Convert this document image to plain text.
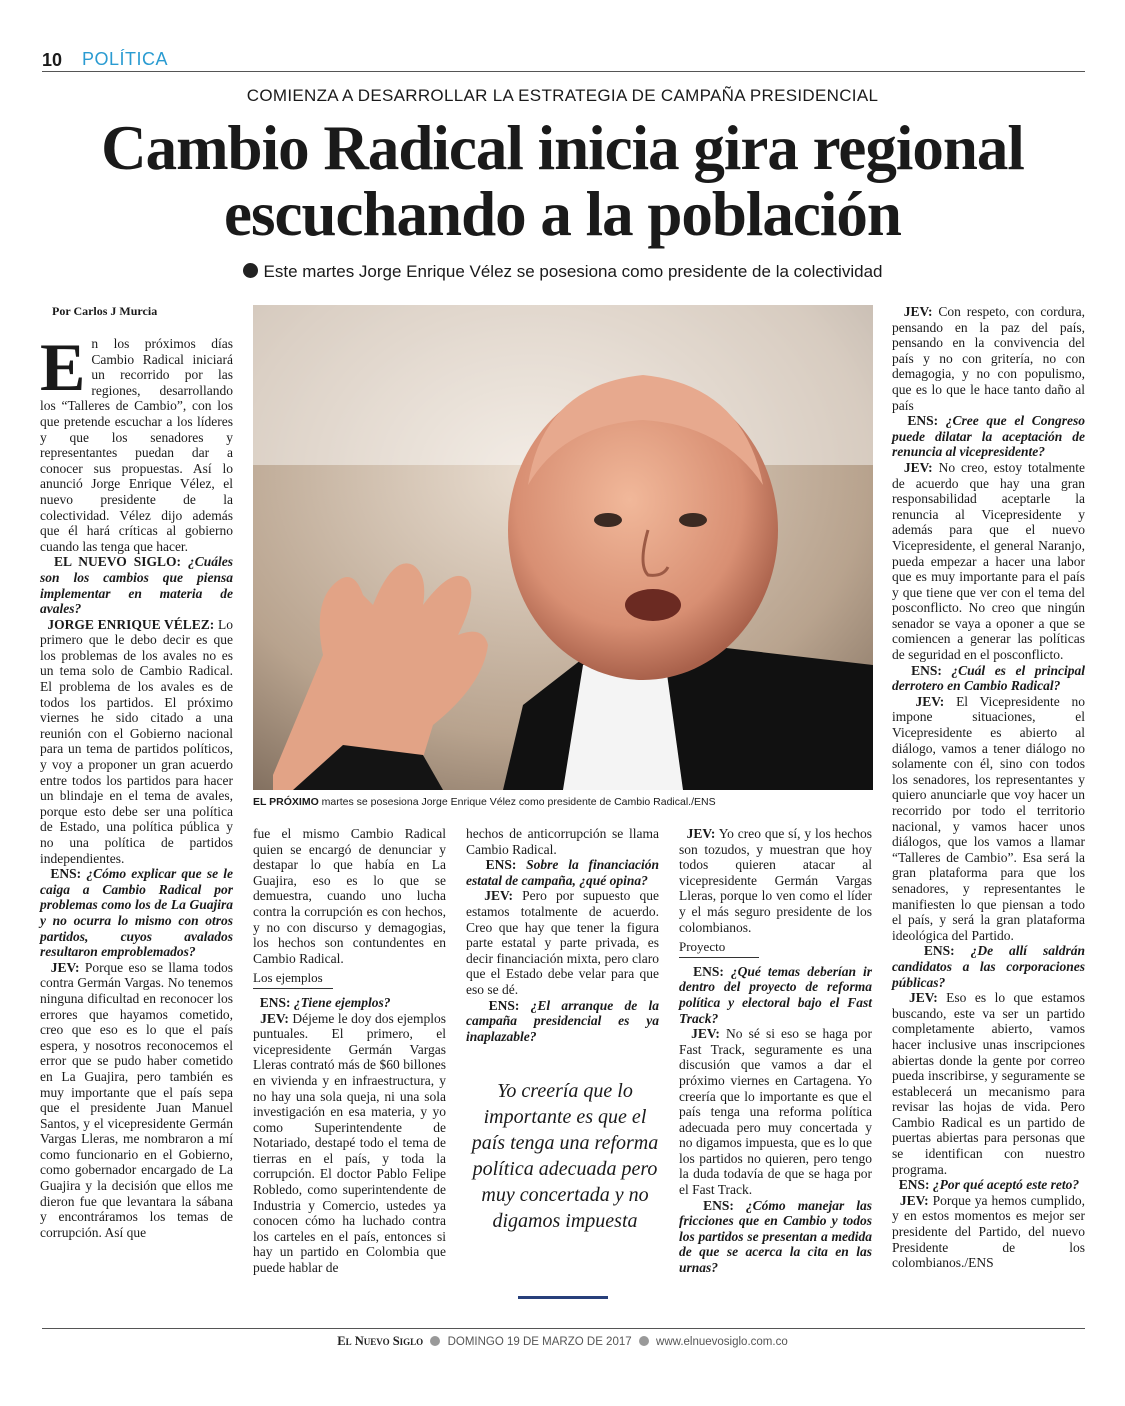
10 POLÍTICA
COMIENZA A DESARROLLAR LA ESTRATEGIA DE CAMPAÑA PRESIDENCIAL
Cambio Radical inicia gira regional
escuchando a la población
Este martes Jorge Enrique Vélez se posesiona como presidente de la colectividad
Por Carlos J Murcia

En los próximos días Cambio Radical iniciará un recorrido por las regiones, desarrollando los “Talleres de Cambio”, con los que pretende escuchar a los líderes y que los senadores y representantes puedan dar a conocer sus propuestas. Así lo anunció Jorge Enrique Vélez, el nuevo presidente de la colectividad. Vélez dijo además que él hará críticas al gobierno cuando las tenga que hacer.

EL NUEVO SIGLO: ¿Cuáles son los cambios que piensa implementar en materia de avales?

JORGE ENRIQUE VÉLEZ: Lo primero que le debo decir es que los problemas de los avales no es un tema solo de Cambio Radical. El problema de los avales es de todos los partidos. El próximo viernes he sido citado a una reunión con el Gobierno nacional para un tema de partidos políticos, y voy a proponer un gran acuerdo entre todos los partidos para hacer un blindaje en el tema de avales, porque esto debe ser una política de Estado, una política pública y no una política de partidos independientes.

ENS: ¿Cómo explicar que se le caiga a Cambio Radical por problemas como los de La Guajira y no ocurra lo mismo con otros partidos, cuyos avalados resultaron emproblemados?

JEV: Porque eso se llama todos contra Germán Vargas. No tenemos ninguna dificultad en reconocer los errores que hayamos cometido, creo que eso es lo que el país espera, y nosotros reconocemos el error que se pudo haber cometido en La Guajira, pero también es muy importante que el país sepa que el presidente Juan Manuel Santos, y el vicepresidente Germán Vargas Lleras, me nombraron a mí como funcionario en el Gobierno, como gobernador encargado de La Guajira y la decisión que ellos me dieron fue que levantara la sábana y encontráramos los temas de corrupción. Así que

EL PRÓXIMO martes se posesiona Jorge Enrique Vélez como presidente de Cambio Radical./ENS

fue el mismo Cambio Radical quien se encargó de denunciar y destapar lo que había en La Guajira, eso es lo que se demuestra, cuando uno lucha contra la corrupción es con hechos, y no con discurso y demagogias, los hechos son contundentes en Cambio Radical.

Los ejemplos

ENS: ¿Tiene ejemplos?

JEV: Déjeme le doy dos ejemplos puntuales. El primero, el vicepresidente Germán Vargas Lleras contrató más de $60 billones en vivienda y en infraestructura, y no hay una sola queja, ni una sola investigación en esa materia, y yo como Superintendente de Notariado, destapé todo el tema de tierras en el país, y toda la corrupción. El doctor Pablo Felipe Robledo, como superintendente de Industria y Comercio, ustedes ya conocen cómo ha luchado contra los carteles en el país, entonces si hay un partido en Colombia que puede hablar de

hechos de anticorrupción se llama Cambio Radical.

ENS: Sobre la financiación estatal de campaña, ¿qué opina?

JEV: Pero por supuesto que estamos totalmente de acuerdo. Creo que hay que tener la figura parte estatal y parte privada, es decir financiación mixta, pero claro que el Estado debe velar para que eso se dé.

ENS: ¿El arranque de la campaña presidencial es ya inaplazable?

Yo creería que lo importante es que el país tenga una reforma política adecuada pero muy concertada y no digamos impuesta

JEV: Yo creo que sí, y los hechos son tozudos, y muestran que hoy todos quieren atacar al vicepresidente Germán Vargas Lleras, porque lo ven como el líder y el más seguro presidente de los colombianos.

Proyecto

ENS: ¿Qué temas deberían ir dentro del proyecto de reforma política y electoral bajo el Fast Track?

JEV: No sé si eso se haga por Fast Track, seguramente es una discusión que vamos a dar el próximo viernes en Cartagena. Yo creería que lo importante es que el país tenga una reforma política adecuada pero muy concertada y no digamos impuesta, que es lo que los partidos no quieren, pero tengo la duda todavía de que se haga por el Fast Track.

ENS: ¿Cómo manejar las fricciones que en Cambio y todos los partidos se presentan a medida de que se acerca la cita en las urnas?

JEV: Con respeto, con cordura, pensando en la paz del país, pensando en la convivencia del país y no con gritería, no con demagogia, y no con populismo, que es lo que le hace tanto daño al país

ENS: ¿Cree que el Congreso puede dilatar la aceptación de renuncia al vicepresidente?

JEV: No creo, estoy totalmente de acuerdo que hay una gran responsabilidad aceptarle la renuncia al Vicepresidente y además para que el nuevo Vicepresidente, el general Naranjo, pueda empezar a hacer una labor que es muy importante para el país y que tiene que ver con el tema del posconflicto. No creo que ningún senador se vaya a oponer a que se comiencen a generar las políticas de seguridad en el posconflicto.

ENS: ¿Cuál es el principal derrotero en Cambio Radical?

JEV: El Vicepresidente no impone situaciones, el Vicepresidente es abierto al diálogo, vamos a tener diálogo no solamente con él, sino con todos los senadores, los representantes y quiero anunciarle que voy hacer un recorrido por todo el territorio nacional, y vamos hacer unos diálogos, que los vamos a llamar “Talleres de Cambio”. Esa será la gran plataforma para que los senadores, y representantes le manifiesten lo que piensan a todo el país, y será la gran plataforma ideológica del Partido.

ENS: ¿De allí saldrán candidatos a las corporaciones públicas?

JEV: Eso es lo que estamos buscando, este va ser un partido completamente abierto, vamos hacer inclusive unas inscripciones abiertas donde la gente por correo pueda inscribirse, y seguramente se establecerá un mecanismo para revisar las hojas de vida. Pero Cambio Radical es un partido de puertas abiertas para personas que se identifican con nuestro programa.

ENS: ¿Por qué aceptó este reto?

JEV: Porque ya hemos cumplido, y en estos momentos es mejor ser presidente del Partido, del nuevo Presidente de los colombianos./ENS

El Nuevo Siglo DOMINGO 19 DE MARZO DE 2017 www.elnuevosiglo.com.co
